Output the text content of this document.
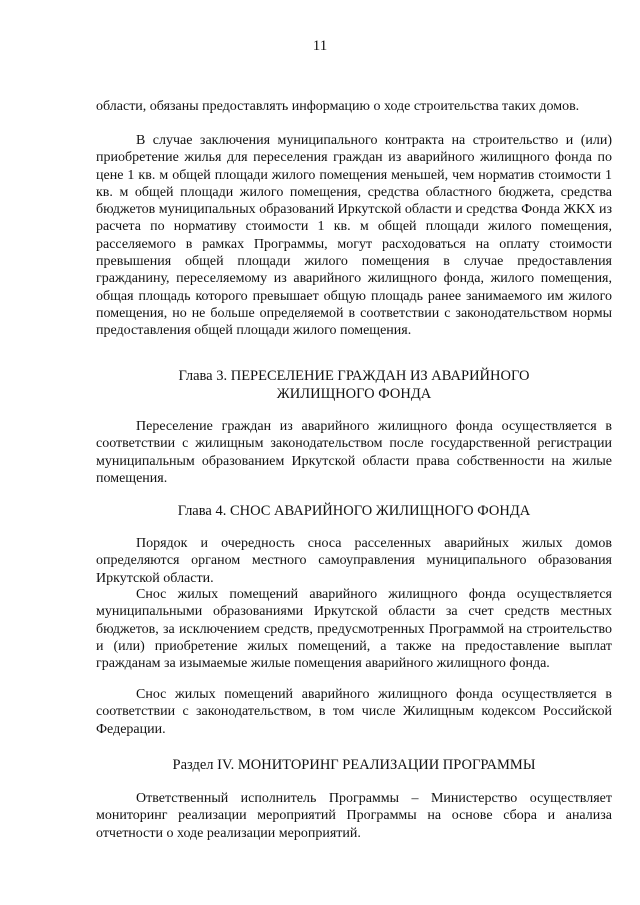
11

области, обязаны предоставлять информацию о ходе строительства таких домов.

В случае заключения муниципального контракта на строительство и (или) приобретение жилья для переселения граждан из аварийного жилищного фонда по цене 1 кв. м общей площади жилого помещения меньшей, чем норматив стоимости 1 кв. м общей площади жилого помещения, средства областного бюджета, средства бюджетов муниципальных образований Иркутской области и средства Фонда ЖКХ из расчета по нормативу стоимости 1 кв. м общей площади жилого помещения, расселяемого в рамках Программы, могут расходоваться на оплату стоимости превышения общей площади жилого помещения в случае предоставления гражданину, переселяемому из аварийного жилищного фонда, жилого помещения, общая площадь которого превышает общую площадь ранее занимаемого им жилого помещения, но не больше определяемой в соответствии с законодательством нормы предоставления общей площади жилого помещения.

Глава 3. ПЕРЕСЕЛЕНИЕ ГРАЖДАН ИЗ АВАРИЙНОГО
ЖИЛИЩНОГО ФОНДА

Переселение граждан из аварийного жилищного фонда осуществляется в соответствии с жилищным законодательством после государственной регистрации муниципальным образованием Иркутской области права собственности на жилые помещения.

Глава 4. СНОС АВАРИЙНОГО ЖИЛИЩНОГО ФОНДА

Порядок и очередность сноса расселенных аварийных жилых домов определяются органом местного самоуправления муниципального образования Иркутской области.

Снос жилых помещений аварийного жилищного фонда осуществляется муниципальными образованиями Иркутской области за счет средств местных бюджетов, за исключением средств, предусмотренных Программой на строительство и (или) приобретение жилых помещений, а также на предоставление выплат гражданам за изымаемые жилые помещения аварийного жилищного фонда.

Снос жилых помещений аварийного жилищного фонда осуществляется в соответствии с законодательством, в том числе Жилищным кодексом Российской Федерации.

Раздел IV. МОНИТОРИНГ РЕАЛИЗАЦИИ ПРОГРАММЫ

Ответственный исполнитель Программы – Министерство осуществляет мониторинг реализации мероприятий Программы на основе сбора и анализа отчетности о ходе реализации мероприятий.
